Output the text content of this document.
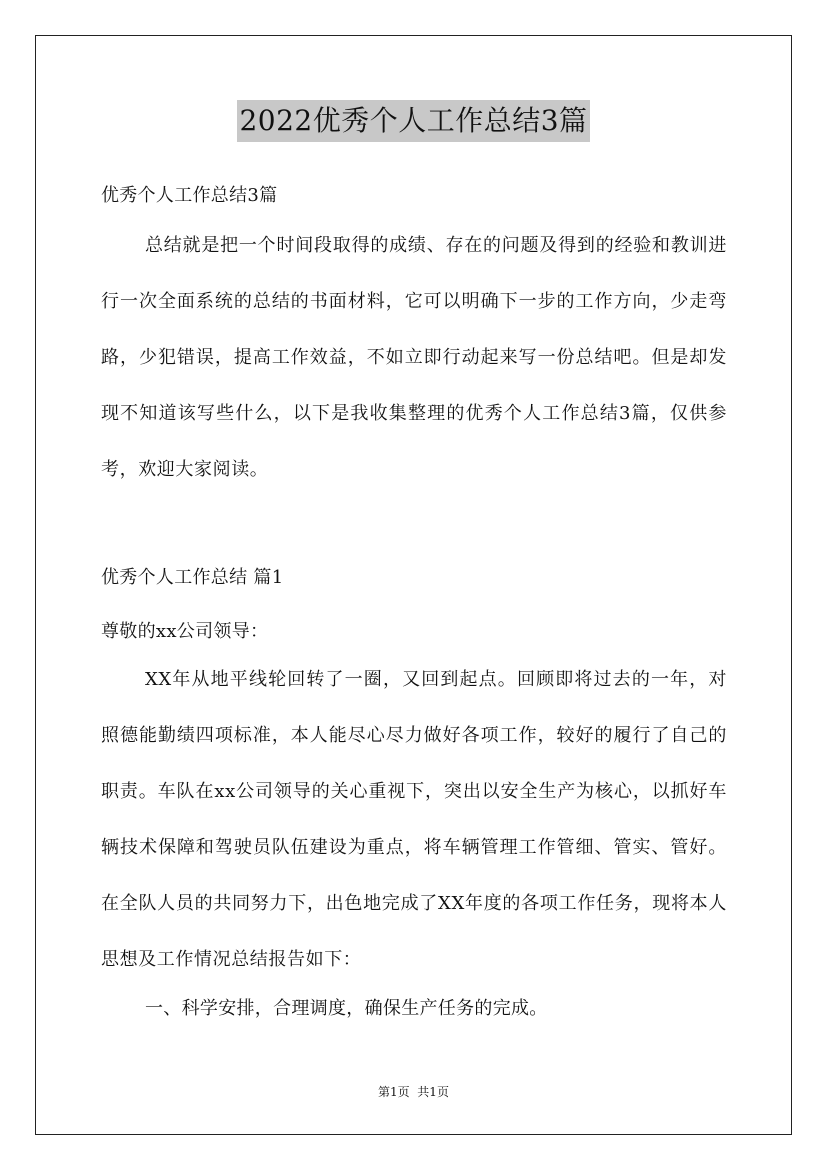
2022优秀个人工作总结3篇
优秀个人工作总结3篇
总结就是把一个时间段取得的成绩、存在的问题及得到的经验和教训进行一次全面系统的总结的书面材料，它可以明确下一步的工作方向，少走弯路，少犯错误，提高工作效益，不如立即行动起来写一份总结吧。但是却发现不知道该写些什么，以下是我收集整理的优秀个人工作总结3篇，仅供参考，欢迎大家阅读。
优秀个人工作总结 篇1
尊敬的xx公司领导：
XX年从地平线轮回转了一圈，又回到起点。回顾即将过去的一年，对照德能勤绩四项标准，本人能尽心尽力做好各项工作，较好的履行了自己的职责。车队在xx公司领导的关心重视下，突出以安全生产为核心，以抓好车辆技术保障和驾驶员队伍建设为重点，将车辆管理工作管细、管实、管好。在全队人员的共同努力下，出色地完成了XX年度的各项工作任务，现将本人思想及工作情况总结报告如下：
一、科学安排，合理调度，确保生产任务的完成。
第1页  共1页
